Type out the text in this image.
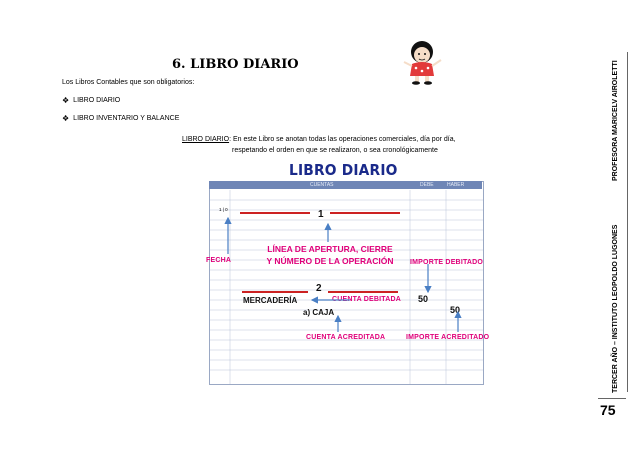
6. LIBRO DIARIO
Los Libros Contables que son obligatorios:
❖ LIBRO DIARIO
❖ LIBRO INVENTARIO Y BALANCE
LIBRO DIARIO: En este Libro se anotan todas las operaciones comerciales, día por día,
respetando el orden en que se realizaron, o sea cronológicamente
LIBRO DIARIO
CUENTAS	DEBE	HABER
1 | 0	1
2
FECHA
LÍNEA DE APERTURA, CIERRE
Y NÚMERO DE LA OPERACIÓN	IMPORTE DEBITADO
MERCADERÍA	CUENTA DEBITADA 50
a) CAJA	50
CUENTA ACREDITADA	IMPORTE ACREDITADO
PROFESORA MARICELV AIROLETTI
TERCER AÑO – INSTITUTO LEOPOLDO LUGONES
75
